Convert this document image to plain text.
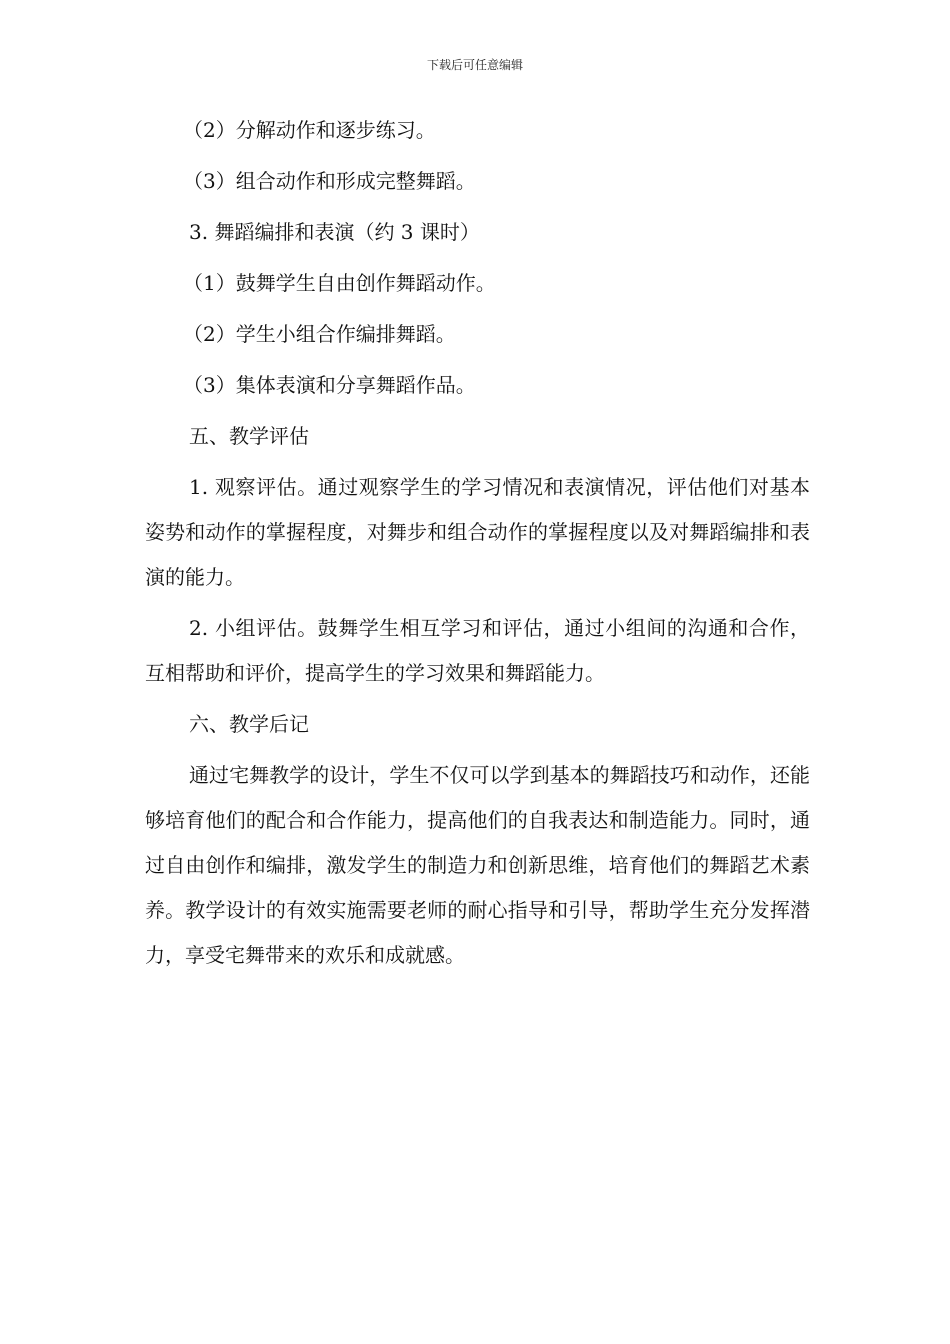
下载后可任意编辑
（2）分解动作和逐步练习。
（3）组合动作和形成完整舞蹈。
3. 舞蹈编排和表演（约 3 课时）
（1）鼓舞学生自由创作舞蹈动作。
（2）学生小组合作编排舞蹈。
（3）集体表演和分享舞蹈作品。
五、教学评估
1. 观察评估。通过观察学生的学习情况和表演情况，评估他们对基本姿势和动作的掌握程度，对舞步和组合动作的掌握程度以及对舞蹈编排和表演的能力。
2. 小组评估。鼓舞学生相互学习和评估，通过小组间的沟通和合作，互相帮助和评价，提高学生的学习效果和舞蹈能力。
六、教学后记
通过宅舞教学的设计，学生不仅可以学到基本的舞蹈技巧和动作，还能够培育他们的配合和合作能力，提高他们的自我表达和制造能力。同时，通过自由创作和编排，激发学生的制造力和创新思维，培育他们的舞蹈艺术素养。教学设计的有效实施需要老师的耐心指导和引导，帮助学生充分发挥潜力，享受宅舞带来的欢乐和成就感。
